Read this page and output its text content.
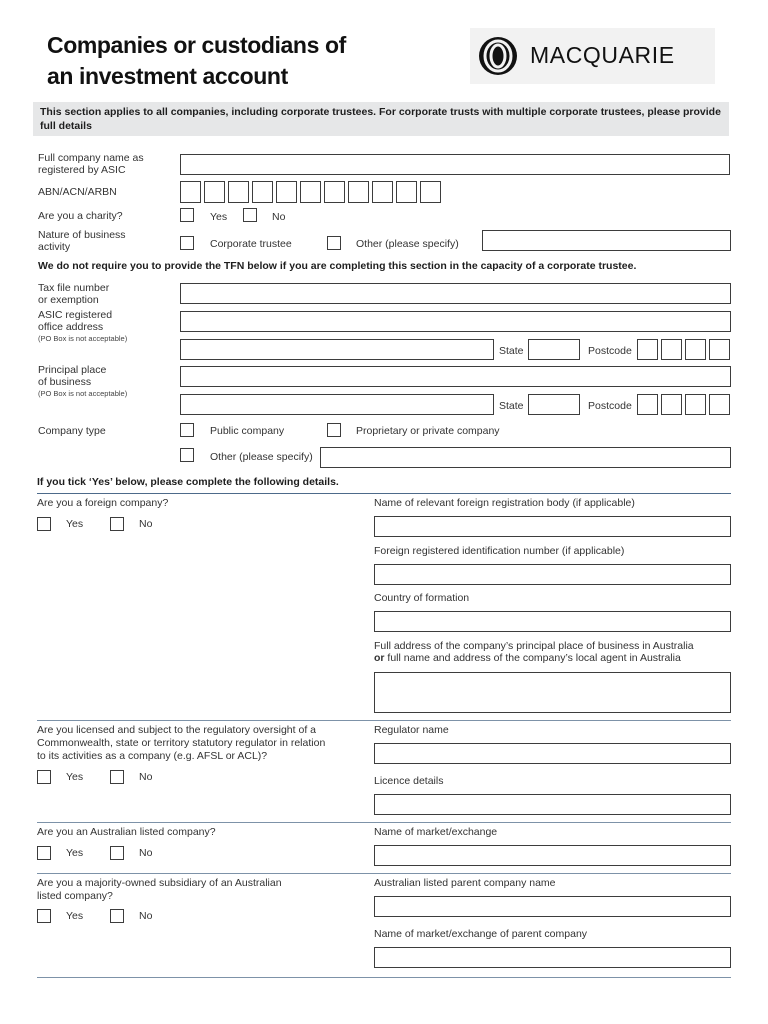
Companies or custodians of
an investment account
MACQUARIE
This section applies to all companies, including corporate trustees. For corporate trusts with multiple corporate trustees, please provide full details
Full company name as
registered by ASIC
ABN/ACN/ARBN
Are you a charity?	Yes	No
Nature of business
activity	Corporate trustee	Other (please specify)
We do not require you to provide the TFN below if you are completing this section in the capacity of a corporate trustee.
Tax file number
or exemption
ASIC registered
office address
(PO Box is not acceptable)
State	Postcode
Principal place
of business
(PO Box is not acceptable)
State	Postcode
Company type	Public company	Proprietary or private company
Other (please specify)
If you tick ‘Yes’ below, please complete the following details.
Are you a foreign company?
Yes	No
Name of relevant foreign registration body (if applicable)
Foreign registered identification number (if applicable)
Country of formation
Full address of the company’s principal place of business in Australia
or full name and address of the company’s local agent in Australia
Are you licensed and subject to the regulatory oversight of a
Commonwealth, state or territory statutory regulator in relation
to its activities as a company (e.g. AFSL or ACL)?
Yes	No
Regulator name
Licence details
Are you an Australian listed company?
Yes	No
Name of market/exchange
Are you a majority-owned subsidiary of an Australian
listed company?
Yes	No
Australian listed parent company name
Name of market/exchange of parent company
